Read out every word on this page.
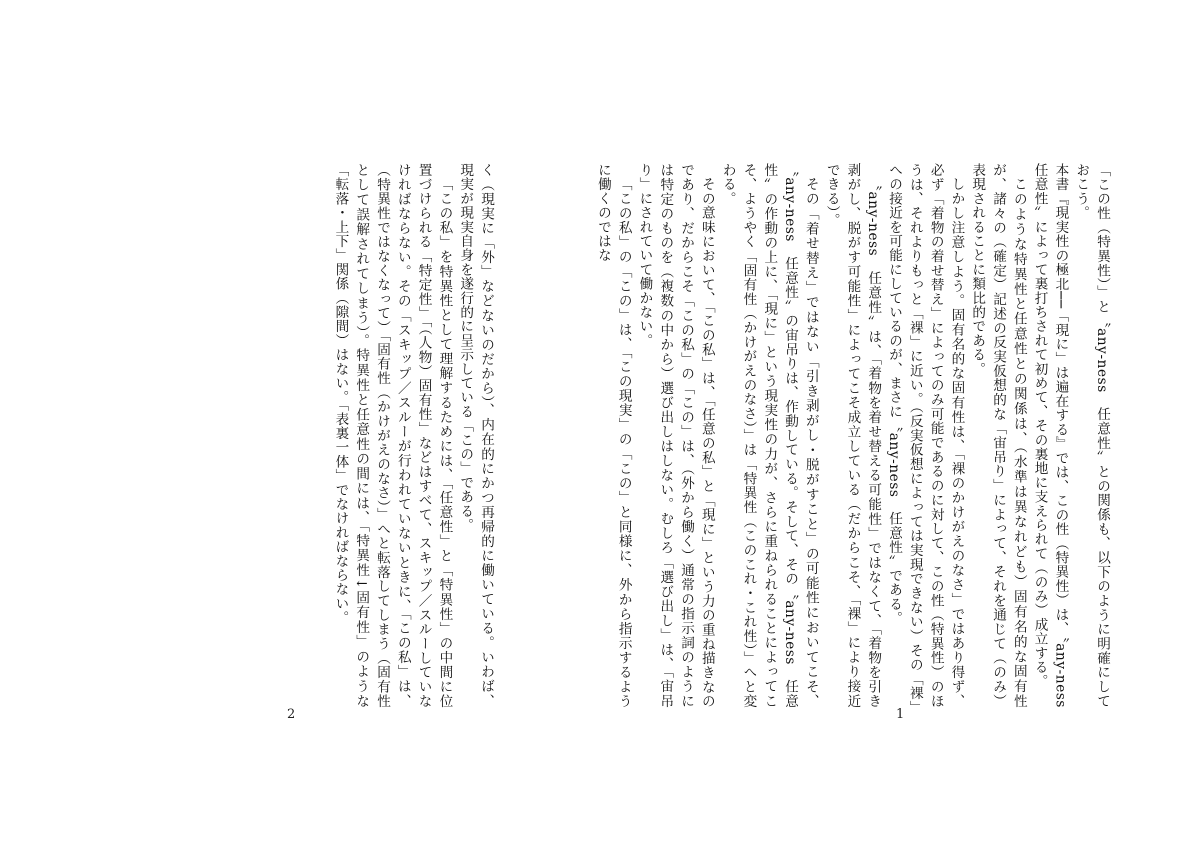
「この性（特異性）」と〝any-ness　任意性〟との関係も、以下のように明確にしておこう。

本書『現実性の極北──「現に」は遍在する』では、この性（特異性）は、〝any-ness　任意性〟によって裏打ちされて初めて、その裏地に支えられて（のみ）成立する。

このような特異性と任意性との関係は、（水準は異なれども）固有名的な固有性が、諸々の（確定）記述の反実仮想的な「宙吊り」によって、それを通じて（のみ）表現されることに類比的である。

しかし注意しよう。固有名的な固有性は、「裸のかけがえのなさ」ではあり得ず、必ず「着物の着せ替え」によってのみ可能であるのに対して、この性（特異性）のほうは、それよりもっと「裸」に近い。（反実仮想によっては実現できない）その「裸」への接近を可能にしているのが、まさに〝any-ness　任意性〟である。

〝any-ness　任意性〟は、「着物を着せ替える可能性」ではなくて、「着物を引き剥がし、脱がす可能性」によってこそ成立している（だからこそ、「裸」により接近できる）。

その「着せ替え」ではない「引き剥がし・脱がすこと」の可能性においてこそ、〝any-ness　任意性〟の宙吊りは、作動している。そして、その〝any-ness　任意性〟の作動の上に、「現に」という現実性の力が、さらに重ねられることによってこそ、ようやく「固有性（かけがえのなさ）」は「特異性（このこれ・これ性）」へと変わる。

その意味において、「この私」は、「任意の私」と「現に」という力の重ね描きなのであり、だからこそ「この私」の「この」は、（外から働く）通常の指示詞のようには特定のものを（複数の中から）選び出しはしない。むしろ「選び出し」は、「宙吊り」にされていて働かない。

「この私」の「この」は、「この現実」の「この」と同様に、外から指示するように働くのではな

1

く（現実に「外」などないのだから）、内在的にかつ再帰的に働いている。いわば、現実が現実自身を遂行的に呈示している「この」である。

「この私」を特異性として理解するためには、「任意性」と「特異性」の中間に位置づけられる「特定性」「（人物）固有性」などはすべて、スキップ／スルーしていなければならない。その「スキップ／スルーが行われていないときに、「この私」は、（特異性ではなくなって）「固有性（かけがえのなさ）」へと転落してしまう（固有性として誤解されてしまう）。特異性と任意性の間には、「特異性↓固有性」のような「転落・上下」関係（隙間）はない。「表裏一体」でなければならない。

2
